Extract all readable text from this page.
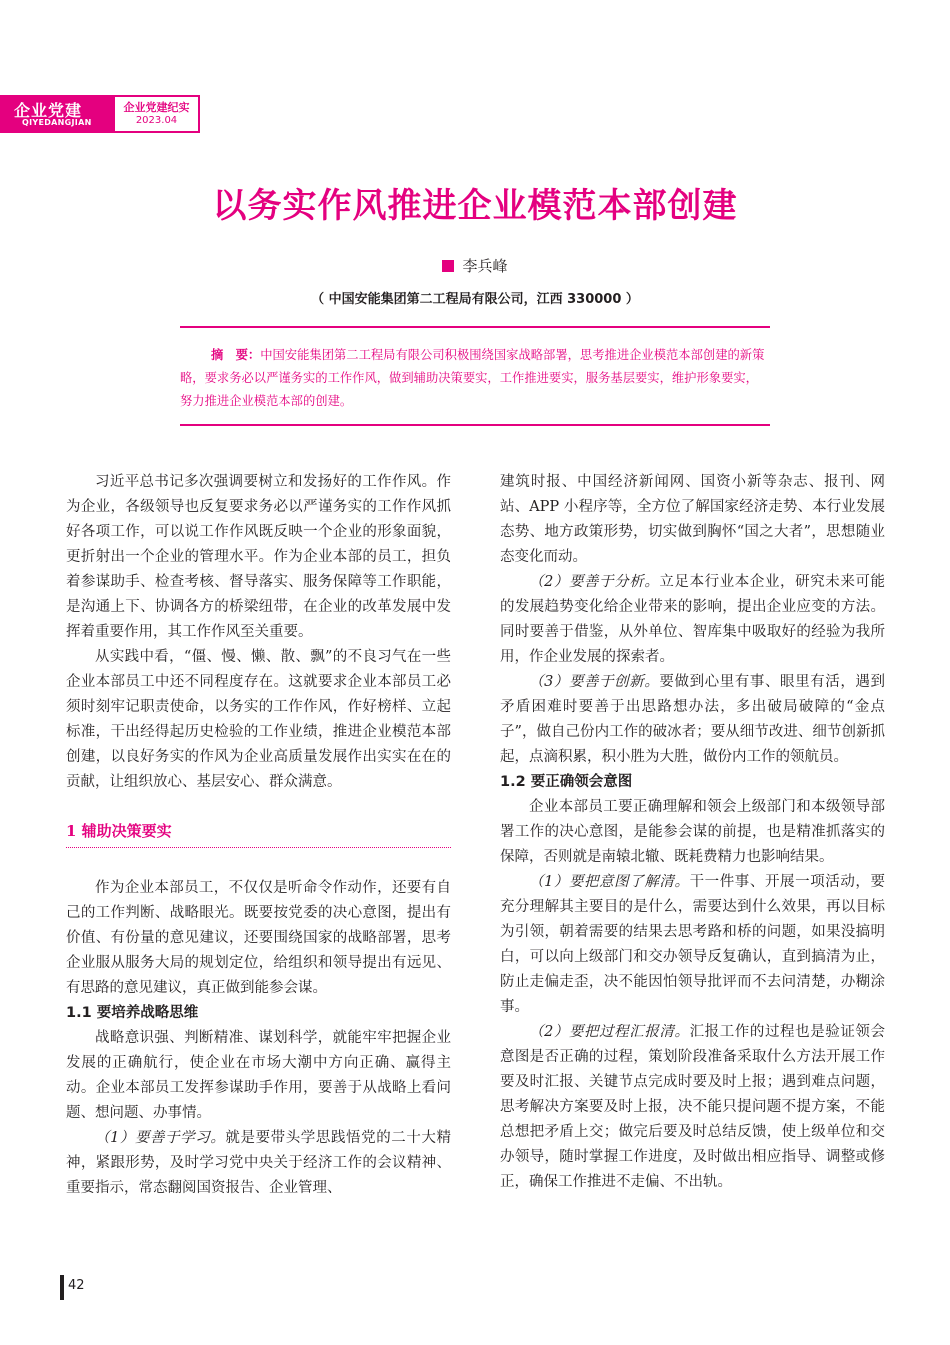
企业党建
QIYEDANGJIAN
企业党建纪实
2023.04
以务实作风推进企业模范本部创建
李兵峰
（ 中国安能集团第二工程局有限公司，江西 330000 ）

摘　要：中国安能集团第二工程局有限公司积极围绕国家战略部署，思考推进企业模范本部创建的新策略，要求务必以严谨务实的工作作风，做到辅助决策要实，工作推进要实，服务基层要实，维护形象要实，努力推进企业模范本部的创建。

习近平总书记多次强调要树立和发扬好的工作作风。作为企业，各级领导也反复要求务必以严谨务实的工作作风抓好各项工作，可以说工作作风既反映一个企业的形象面貌，更折射出一个企业的管理水平。作为企业本部的员工，担负着参谋助手、检查考核、督导落实、服务保障等工作职能，是沟通上下、协调各方的桥梁纽带，在企业的改革发展中发挥着重要作用，其工作作风至关重要。

从实践中看，“僵、慢、懒、散、飘”的不良习气在一些企业本部员工中还不同程度存在。这就要求企业本部员工必须时刻牢记职责使命，以务实的工作作风，作好榜样、立起标准，干出经得起历史检验的工作业绩，推进企业模范本部创建，以良好务实的作风为企业高质量发展作出实实在在的贡献，让组织放心、基层安心、群众满意。

1 辅助决策要实

作为企业本部员工，不仅仅是听命令作动作，还要有自己的工作判断、战略眼光。既要按党委的决心意图，提出有价值、有份量的意见建议，还要围绕国家的战略部署，思考企业服从服务大局的规划定位，给组织和领导提出有远见、有思路的意见建议，真正做到能参会谋。

1.1 要培养战略思维

战略意识强、判断精准、谋划科学，就能牢牢把握企业发展的正确航行，使企业在市场大潮中方向正确、赢得主动。企业本部员工发挥参谋助手作用，要善于从战略上看问题、想问题、办事情。

（1）要善于学习。就是要带头学思践悟党的二十大精神，紧跟形势，及时学习党中央关于经济工作的会议精神、重要指示，常态翻阅国资报告、企业管理、

建筑时报、中国经济新闻网、国资小新等杂志、报刊、网站、APP 小程序等，全方位了解国家经济走势、本行业发展态势、地方政策形势，切实做到胸怀“国之大者”，思想随业态变化而动。

（2）要善于分析。立足本行业本企业，研究未来可能的发展趋势变化给企业带来的影响，提出企业应变的方法。同时要善于借鉴，从外单位、智库集中吸取好的经验为我所用，作企业发展的探索者。

（3）要善于创新。要做到心里有事、眼里有活，遇到矛盾困难时要善于出思路想办法，多出破局破障的“金点子”，做自己份内工作的破冰者；要从细节改进、细节创新抓起，点滴积累，积小胜为大胜，做份内工作的领航员。

1.2 要正确领会意图

企业本部员工要正确理解和领会上级部门和本级领导部署工作的决心意图，是能参会谋的前提，也是精准抓落实的保障，否则就是南辕北辙、既耗费精力也影响结果。

（1）要把意图了解清。干一件事、开展一项活动，要充分理解其主要目的是什么，需要达到什么效果，再以目标为引领，朝着需要的结果去思考路和桥的问题，如果没搞明白，可以向上级部门和交办领导反复确认，直到搞清为止，防止走偏走歪，决不能因怕领导批评而不去问清楚，办糊涂事。

（2）要把过程汇报清。汇报工作的过程也是验证领会意图是否正确的过程，策划阶段准备采取什么方法开展工作要及时汇报、关键节点完成时要及时上报；遇到难点问题，思考解决方案要及时上报，决不能只提问题不提方案，不能总想把矛盾上交；做完后要及时总结反馈，使上级单位和交办领导，随时掌握工作进度，及时做出相应指导、调整或修正，确保工作推进不走偏、不出轨。

42
